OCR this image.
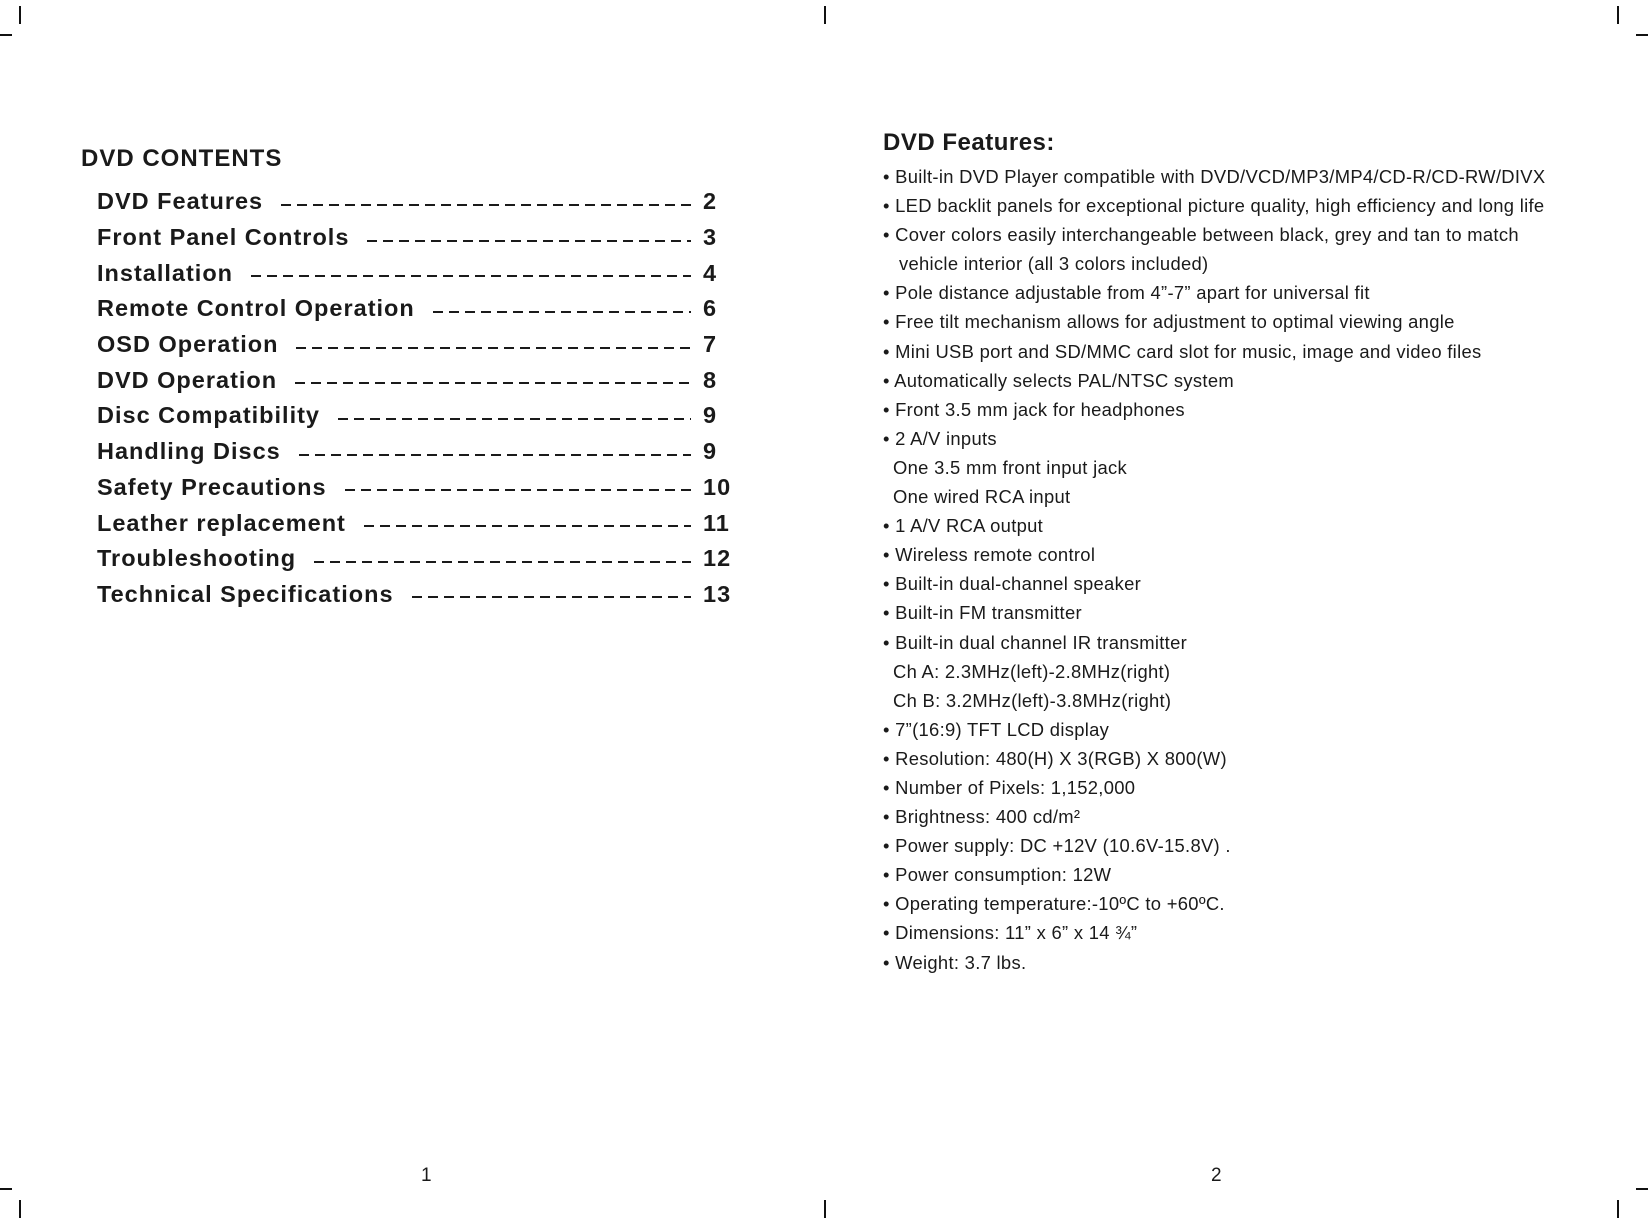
DVD CONTENTS
DVD Features	2
Front Panel Controls	3
Installation	4
Remote Control Operation	6
OSD Operation	7
DVD Operation	8
Disc Compatibility	9
Handling Discs	9
Safety Precautions	10
Leather replacement	11
Troubleshooting	12
Technical Specifications	13
DVD Features:
• Built-in DVD Player compatible with DVD/VCD/MP3/MP4/CD-R/CD-RW/DIVX
• LED backlit panels for exceptional picture quality, high efficiency and long life
• Cover colors easily interchangeable between black, grey and tan to match
vehicle interior (all 3 colors included)
• Pole distance adjustable from 4”-7” apart for universal fit
• Free tilt mechanism allows for adjustment to optimal viewing angle
• Mini USB port and SD/MMC card slot for music, image and video files
• Automatically selects PAL/NTSC system
• Front 3.5 mm jack for headphones
• 2 A/V inputs
One 3.5 mm front input jack
One wired RCA input
• 1 A/V RCA output
• Wireless remote control
• Built-in dual-channel speaker
• Built-in FM transmitter
• Built-in dual channel IR transmitter
Ch A: 2.3MHz(left)-2.8MHz(right)
Ch B: 3.2MHz(left)-3.8MHz(right)
• 7”(16:9) TFT LCD display
• Resolution: 480(H) X 3(RGB) X 800(W)
• Number of Pixels: 1,152,000
• Brightness: 400 cd/m²
• Power supply: DC +12V (10.6V-15.8V) .
• Power consumption: 12W
• Operating temperature:-10ºC to +60ºC.
• Dimensions: 11” x 6” x 14 ¾”
• Weight: 3.7 lbs.
1	2
